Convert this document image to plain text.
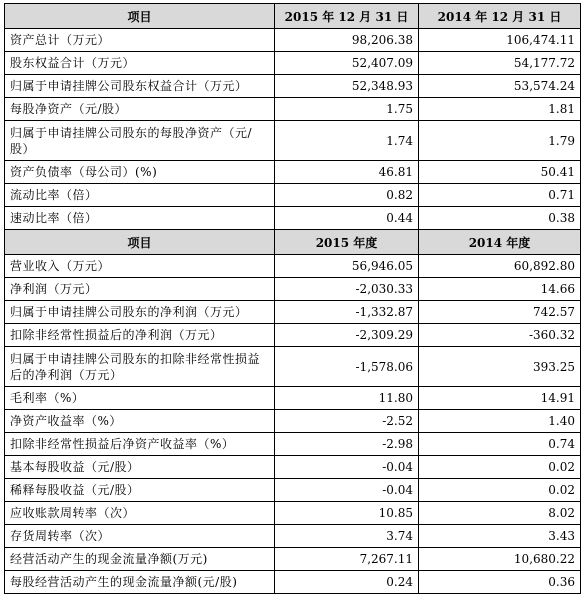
项目	2015 年 12 月 31 日	2014 年 12 月 31 日
资产总计（万元）	98,206.38	106,474.11
股东权益合计（万元）	52,407.09	54,177.72
归属于申请挂牌公司股东权益合计（万元）	52,348.93	53,574.24
每股净资产（元/股）	1.75	1.81
归属于申请挂牌公司股东的每股净资产（元/股）	1.74	1.79
资产负债率（母公司）(%)	46.81	50.41
流动比率（倍）	0.82	0.71
速动比率（倍）	0.44	0.38
项目	2015 年度	2014 年度
营业收入（万元）	56,946.05	60,892.80
净利润（万元）	-2,030.33	14.66
归属于申请挂牌公司股东的净利润（万元）	-1,332.87	742.57
扣除非经常性损益后的净利润（万元）	-2,309.29	-360.32
归属于申请挂牌公司股东的扣除非经常性损益后的净利润（万元）	-1,578.06	393.25
毛利率（%）	11.80	14.91
净资产收益率（%）	-2.52	1.40
扣除非经常性损益后净资产收益率（%）	-2.98	0.74
基本每股收益（元/股）	-0.04	0.02
稀释每股收益（元/股）	-0.04	0.02
应收账款周转率（次）	10.85	8.02
存货周转率（次）	3.74	3.43
经营活动产生的现金流量净额(万元)	7,267.11	10,680.22
每股经营活动产生的现金流量净额(元/股)	0.24	0.36
